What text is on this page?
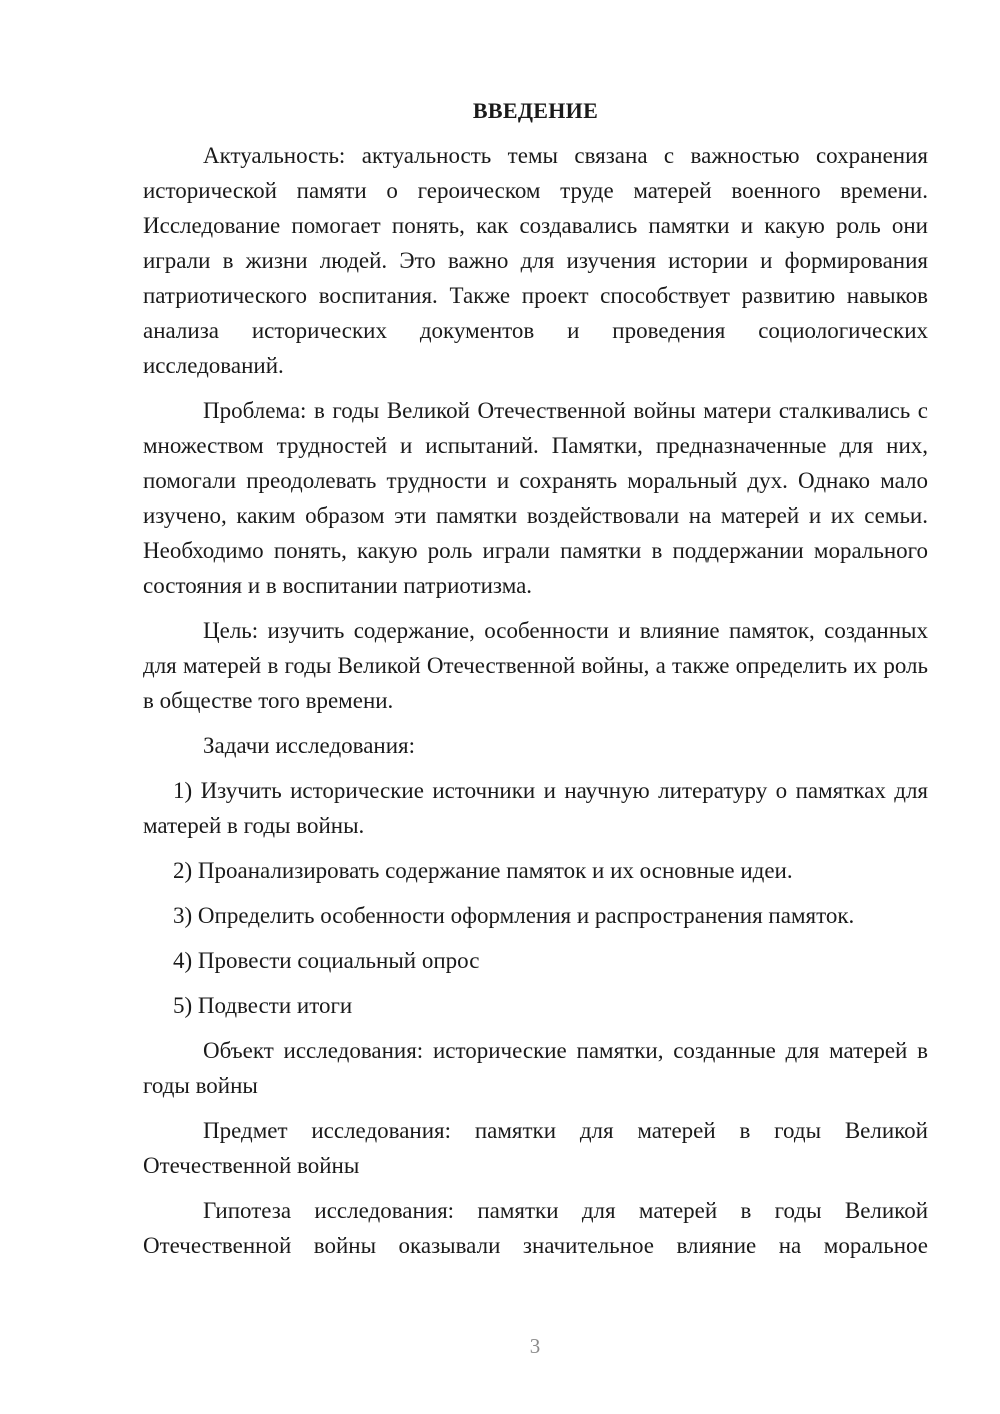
ВВЕДЕНИЕ

Актуальность: актуальность темы связана с важностью сохранения исторической памяти о героическом труде матерей военного времени. Исследование помогает понять, как создавались памятки и какую роль они играли в жизни людей. Это важно для изучения истории и формирования патриотического воспитания. Также проект способствует развитию навыков анализа исторических документов и проведения социологических исследований.

Проблема: в годы Великой Отечественной войны матери сталкивались с множеством трудностей и испытаний. Памятки, предназначенные для них, помогали преодолевать трудности и сохранять моральный дух. Однако мало изучено, каким образом эти памятки воздействовали на матерей и их семьи. Необходимо понять, какую роль играли памятки в поддержании морального состояния и в воспитании патриотизма.

Цель: изучить содержание, особенности и влияние памяток, созданных для матерей в годы Великой Отечественной войны, а также определить их роль в обществе того времени.

Задачи исследования:

1) Изучить исторические источники и научную литературу о памятках для матерей в годы войны.

2) Проанализировать содержание памяток и их основные идеи.

3) Определить особенности оформления и распространения памяток.

4) Провести социальный опрос

5) Подвести итоги

Объект исследования: исторические памятки, созданные для матерей в годы войны

Предмет исследования: памятки для матерей в годы Великой Отечественной войны

Гипотеза исследования: памятки для матерей в годы Великой Отечественной войны оказывали значительное влияние на моральное

3
